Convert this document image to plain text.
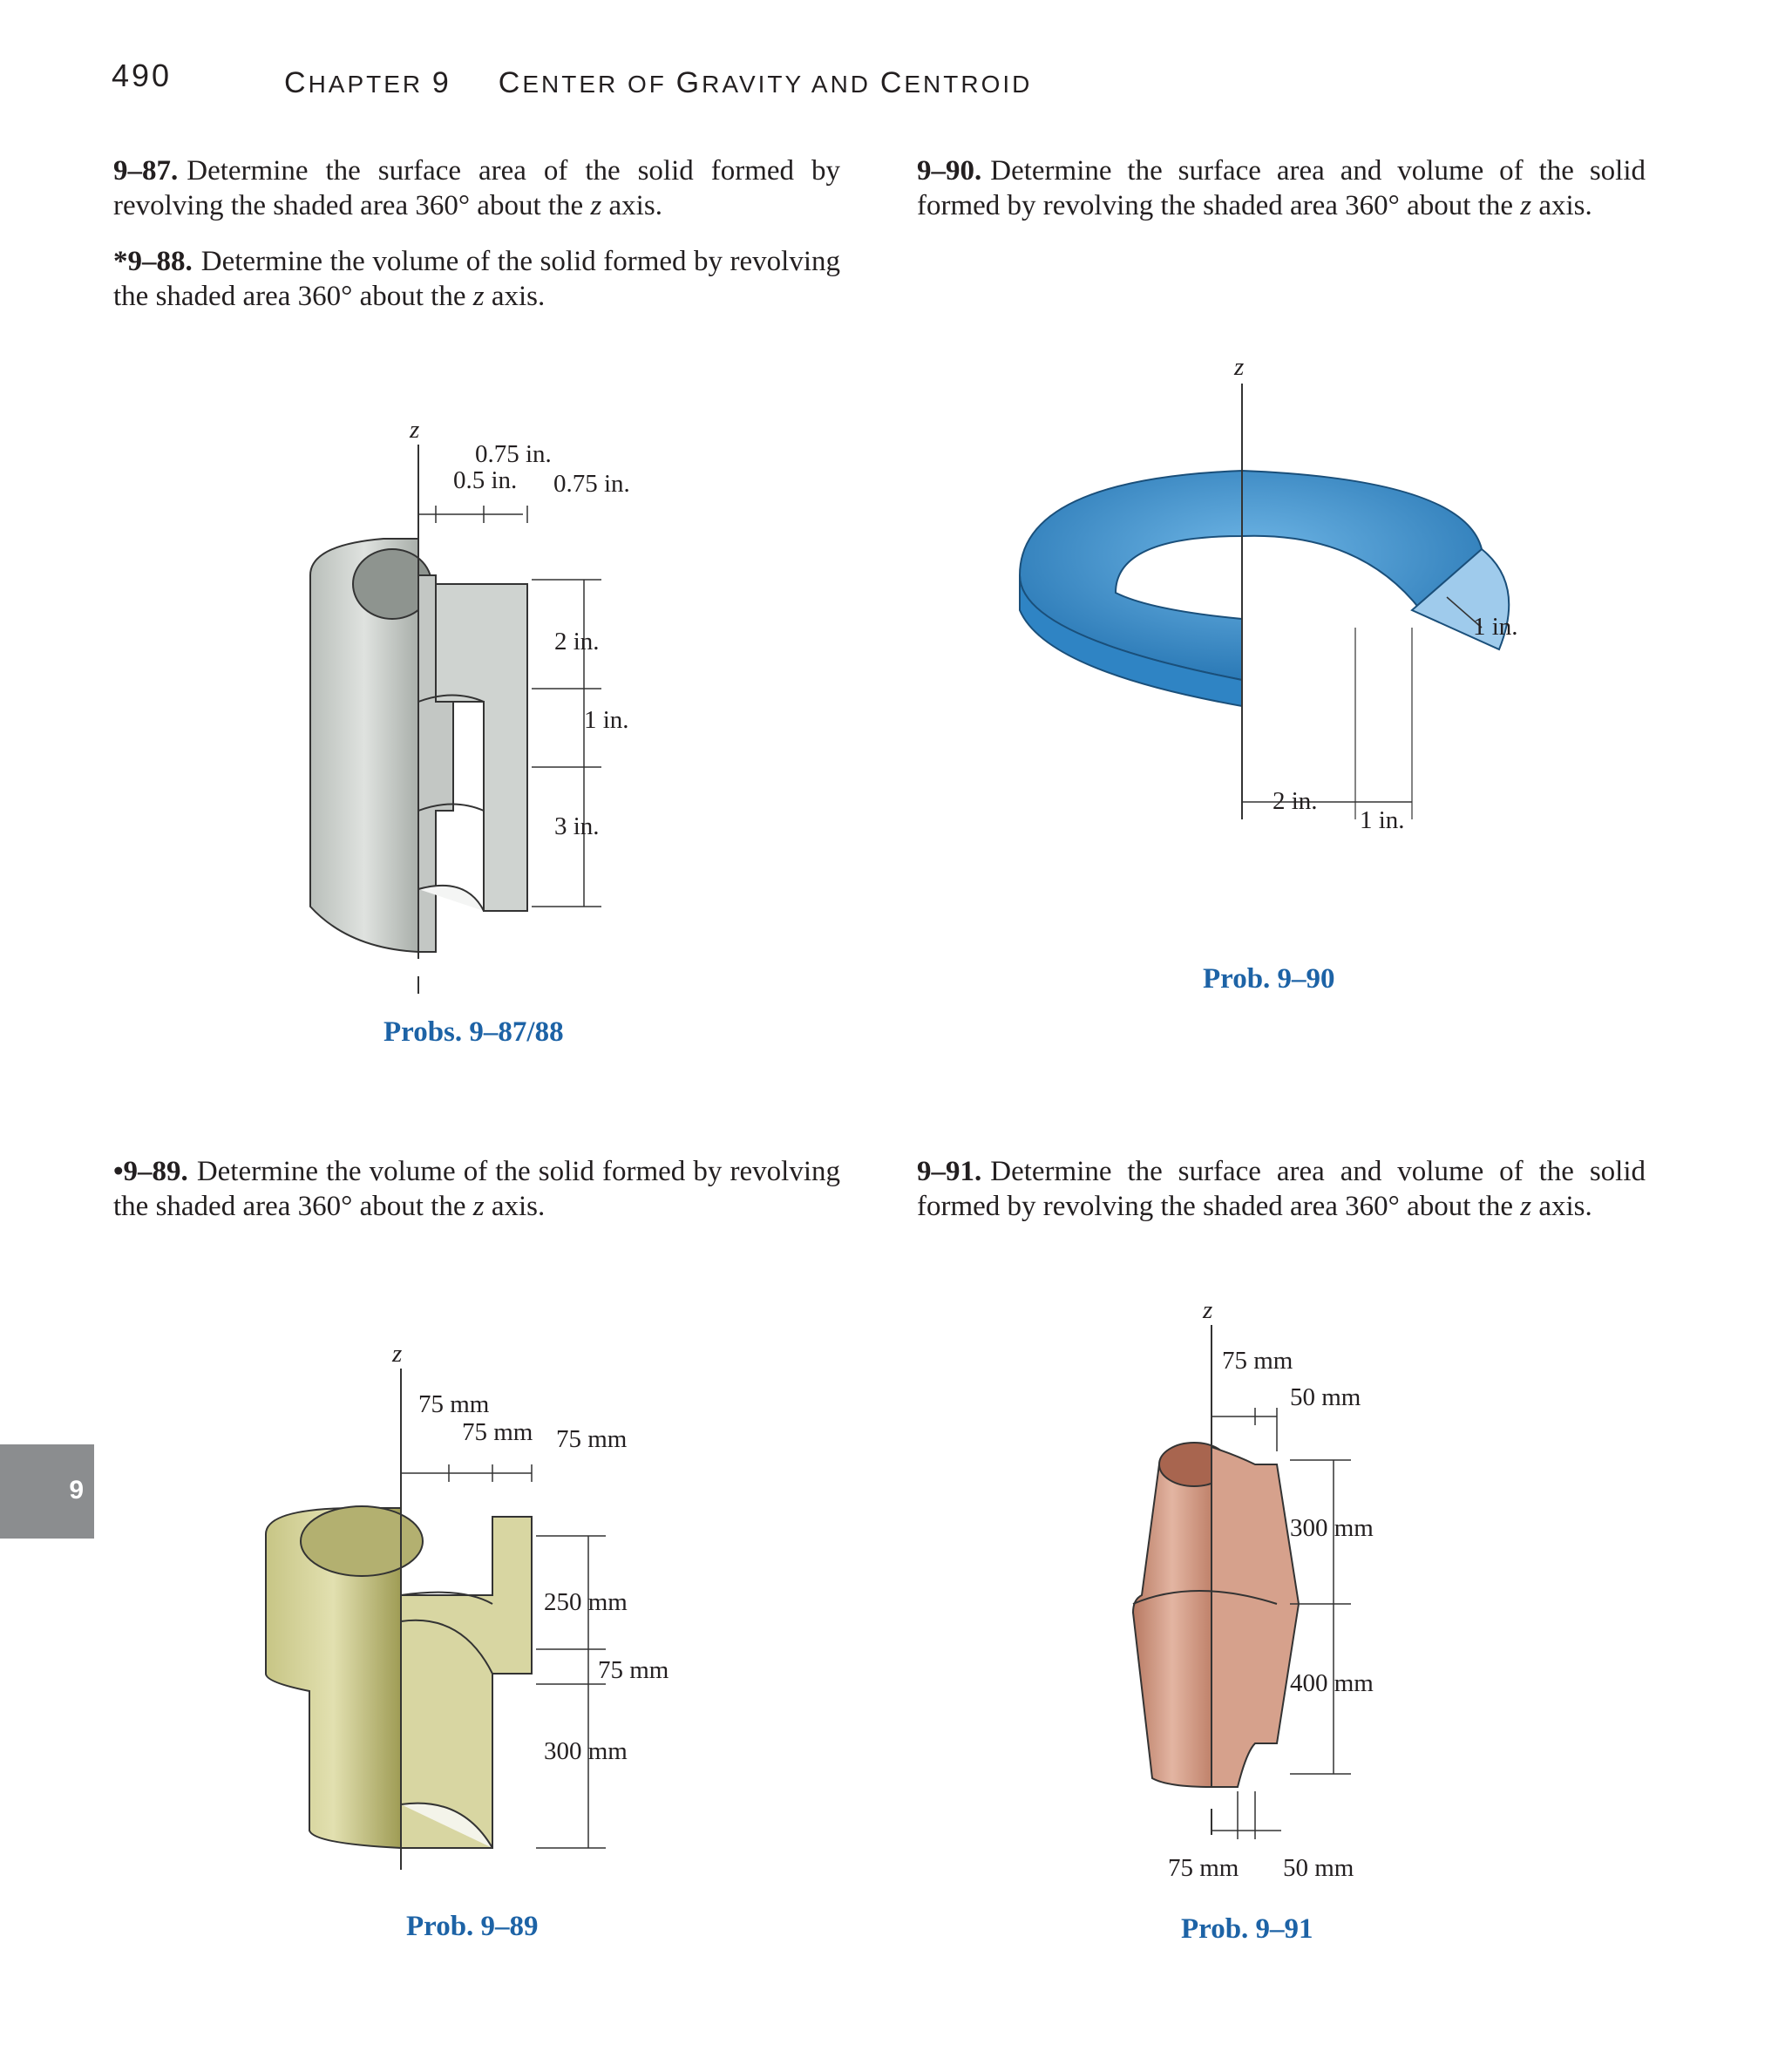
490	CHAPTER 9 CENTER OF GRAVITY AND CENTROID
9
9–87. Determine the surface area of the solid formed by revolving the shaded area 360° about the z axis.
*9–88. Determine the volume of the solid formed by revolving the shaded area 360° about the z axis.
9–90. Determine the surface area and volume of the solid formed by revolving the shaded area 360° about the z axis.
•9–89. Determine the volume of the solid formed by revolving the shaded area 360° about the z axis.
9–91. Determine the surface area and volume of the solid formed by revolving the shaded area 360° about the z axis.
z
0.75 in.
0.5 in. 0.75 in.
2 in.
1 in.
3 in.
Probs. 9–87/88
z
1 in.
2 in.
1 in.
Prob. 9–90
z
75 mm
75 mm 75 mm
250 mm
75 mm
300 mm
Prob. 9–89
z
75 mm
50 mm
300 mm
400 mm
75 mm 50 mm
Prob. 9–91
